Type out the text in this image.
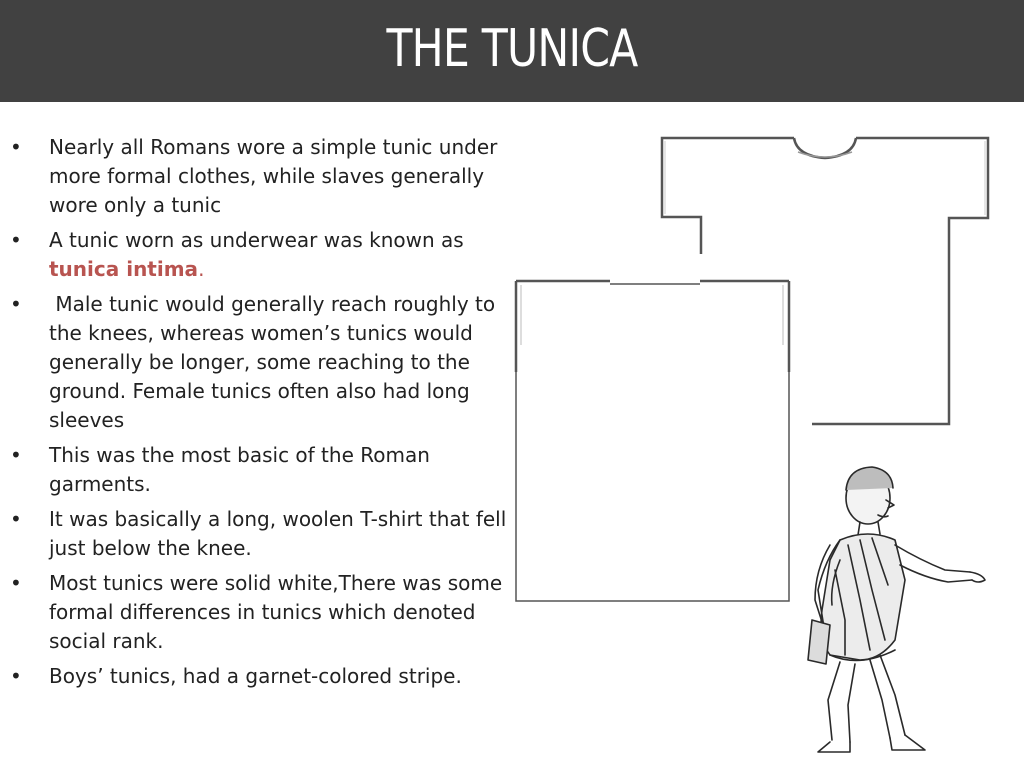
THE TUNICA
• Nearly all Romans wore a simple tunic under more formal clothes, while slaves generally wore only a tunic
• A tunic worn as underwear was known as tunica intima.
• Male tunic would generally reach roughly to the knees, whereas women’s tunics would generally be longer, some reaching to the ground. Female tunics often also had long sleeves
• This was the most basic of the Roman garments.
• It was basically a long, woolen T-shirt that fell just below the knee.
• Most tunics were solid white,There was some formal differences in tunics which denoted social rank.
• Boys’ tunics, had a garnet-colored stripe.
